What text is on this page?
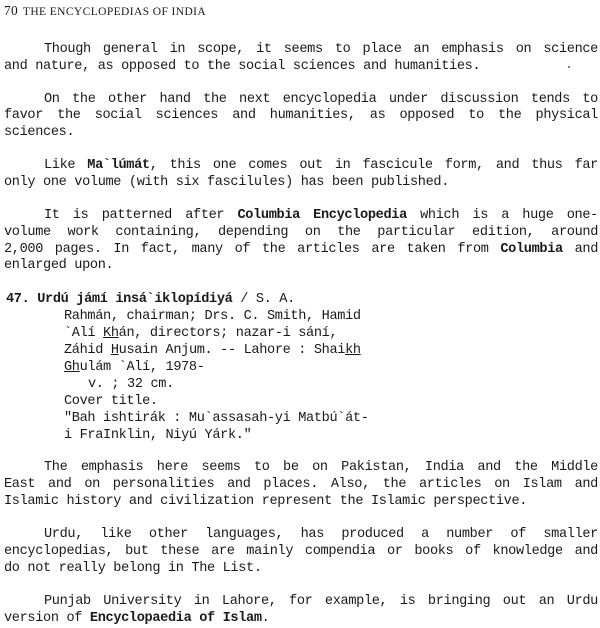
70 THE ENCYCLOPEDIAS OF INDIA
Though general in scope, it seems to place an emphasis on science
and nature, as opposed to the social sciences and humanities.
On the other hand the next encyclopedia under discussion tends to
favor the social sciences and humanities, as opposed to the physical
sciences.
Like Ma`lúmát, this one comes out in fascicule form, and thus far
only one volume (with six fascilules) has been published.
It is patterned after Columbia Encyclopedia which is a huge one-
volume work containing, depending on the particular edition, around
2,000 pages. In fact, many of the articles are taken from Columbia and
enlarged upon.
47. Urdú jámí insá`iklopídiyá / S. A.
Rahmán, chairman; Drs. C. Smith, Hamid
`Alí Khán, directors; nazar-i sání,
Záhid Husain Anjum. -- Lahore : Shaikh
Ghulám `Alí, 1978-
v. ; 32 cm.
Cover title.
"Bah ishtirák : Mu`assasah-yi Matbú`át-
i FraInklin, Niyú Yárk."
The emphasis here seems to be on Pakistan, India and the Middle
East and on personalities and places. Also, the articles on Islam and
Islamic history and civilization represent the Islamic perspective.
Urdu, like other languages, has produced a number of smaller
encyclopedias, but these are mainly compendia or books of knowledge and
do not really belong in The List.
Punjab University in Lahore, for example, is bringing out an Urdu
version of Encyclopaedia of Islam.
